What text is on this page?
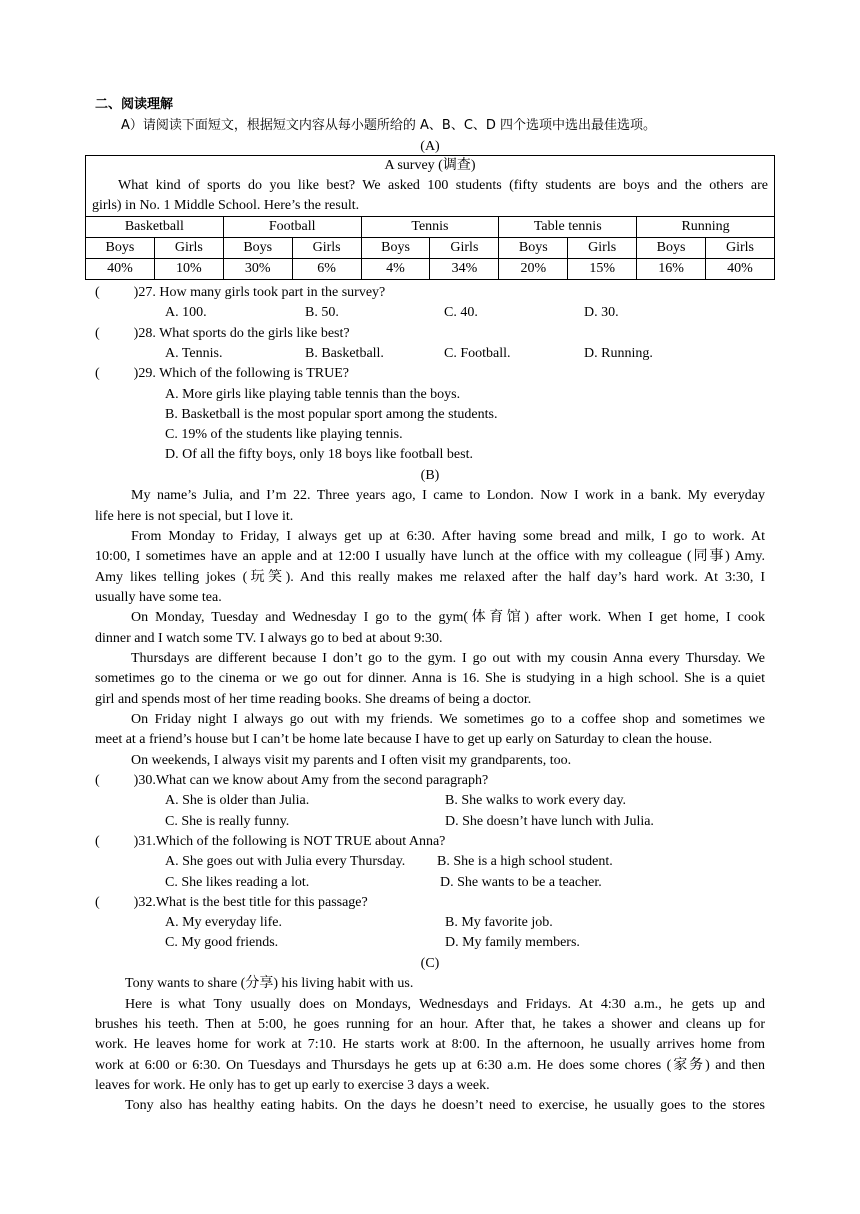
二、阅读理解
A）请阅读下面短文，根据短文内容从每小题所给的 A、B、C、D 四个选项中选出最佳选项。
(A)
A survey (调查)
What kind of sports do you like best? We asked 100 students (fifty students are boys and the others are
girls) in No. 1 Middle School. Here’s the result.									

Basketball		Football		Tennis		Table tennis		Running	
Boys	Girls	Boys	Girls	Boys	Girls	Boys	Girls	Boys	Girls
40%	10%	30%	6%	4%	34%	20%	15%	16%	40%
( )27. How many girls took part in the survey?
A. 100.	B. 50.	C. 40.	D. 30.
( )28. What sports do the girls like best?
A. Tennis.	B. Basketball.	C. Football.	D. Running.
( )29. Which of the following is TRUE?
A. More girls like playing table tennis than the boys.
B. Basketball is the most popular sport among the students.
C. 19% of the students like playing tennis.
D. Of all the fifty boys, only 18 boys like football best.
(B)
My name’s Julia, and I’m 22. Three years ago, I came to London. Now I work in a bank. My everyday
life here is not special, but I love it.
From Monday to Friday, I always get up at 6:30. After having some bread and milk, I go to work. At
10:00, I sometimes have an apple and at 12:00 I usually have lunch at the office with my colleague (同事) Amy.
Amy likes telling jokes (玩笑). And this really makes me relaxed after the half day’s hard work. At 3:30, I
usually have some tea.
On Monday, Tuesday and Wednesday I go to the gym(体育馆) after work. When I get home, I cook
dinner and I watch some TV. I always go to bed at about 9:30.
Thursdays are different because I don’t go to the gym. I go out with my cousin Anna every Thursday. We
sometimes go to the cinema or we go out for dinner. Anna is 16. She is studying in a high school. She is a quiet
girl and spends most of her time reading books. She dreams of being a doctor.
On Friday night I always go out with my friends. We sometimes go to a coffee shop and sometimes we
meet at a friend’s house but I can’t be home late because I have to get up early on Saturday to clean the house.
On weekends, I always visit my parents and I often visit my grandparents, too.
( )30.What can we know about Amy from the second paragraph?
A. She is older than Julia.	B. She walks to work every day.
C. She is really funny.	D. She doesn’t have lunch with Julia.
( )31.Which of the following is NOT TRUE about Anna?
A. She goes out with Julia every Thursday. B. She is a high school student.
C. She likes reading a lot.	D. She wants to be a teacher.
( )32.What is the best title for this passage?
A. My everyday life.	B. My favorite job.
C. My good friends.	D. My family members.
(C)
Tony wants to share (分享) his living habit with us.
Here is what Tony usually does on Mondays, Wednesdays and Fridays. At 4:30 a.m., he gets up and
brushes his teeth. Then at 5:00, he goes running for an hour. After that, he takes a shower and cleans up for
work. He leaves home for work at 7:10. He starts work at 8:00. In the afternoon, he usually arrives home from
work at 6:00 or 6:30. On Tuesdays and Thursdays he gets up at 6:30 a.m. He does some chores (家务) and then
leaves for work. He only has to get up early to exercise 3 days a week.
Tony also has healthy eating habits. On the days he doesn’t need to exercise, he usually goes to the stores
